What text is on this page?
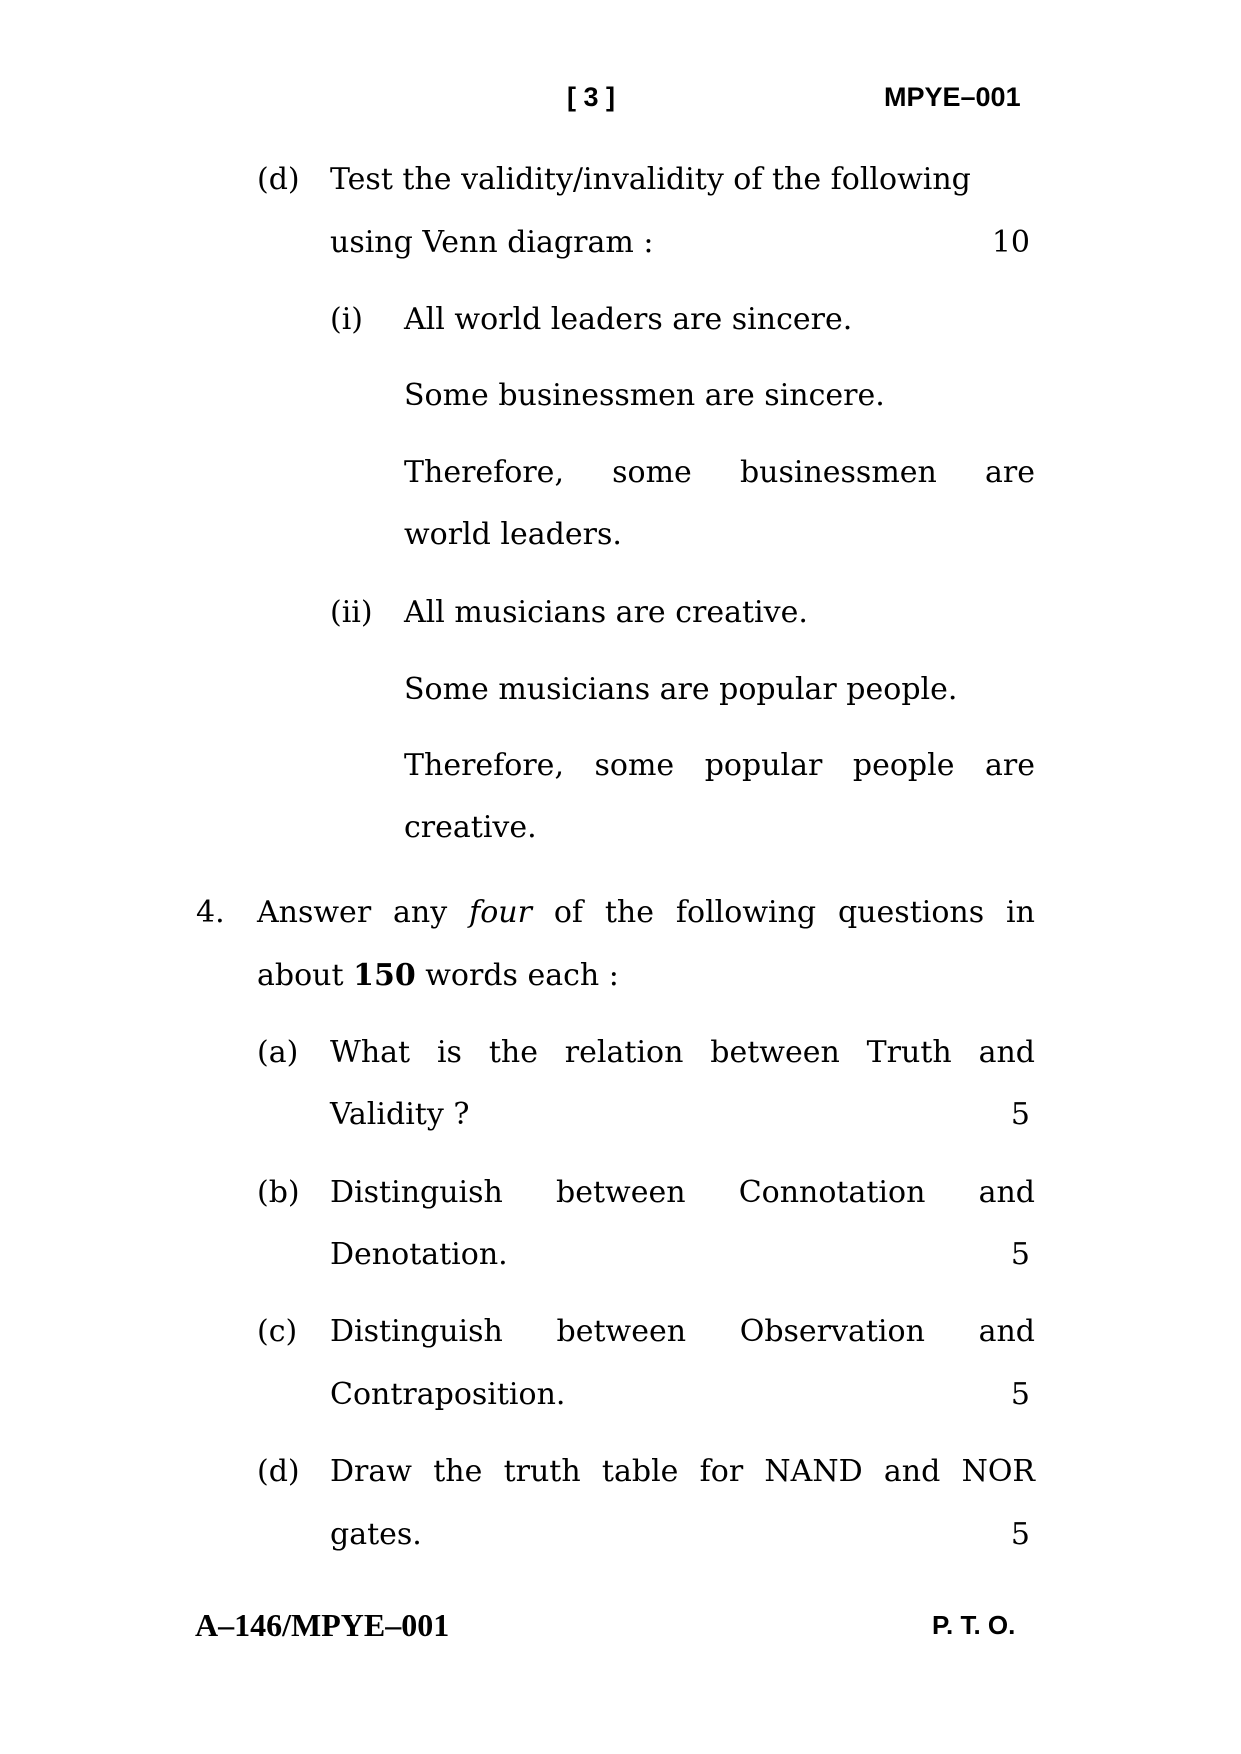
[ 3 ]	MPYE–001
(d) Test the validity/invalidity of the following
using Venn diagram :	10
(i) All world leaders are sincere.
Some businessmen are sincere.
Therefore, some businessmen are
world leaders.
(ii) All musicians are creative.
Some musicians are popular people.
Therefore, some popular people are
creative.
4. Answer any four of the following questions in
about 150 words each :
(a) What is the relation between Truth and
Validity ?	5
(b) Distinguish between Connotation and
Denotation.	5
(c) Distinguish between Observation and
Contraposition.	5
(d) Draw the truth table for NAND and NOR
gates.	5
A–146/MPYE–001	P. T. O.
